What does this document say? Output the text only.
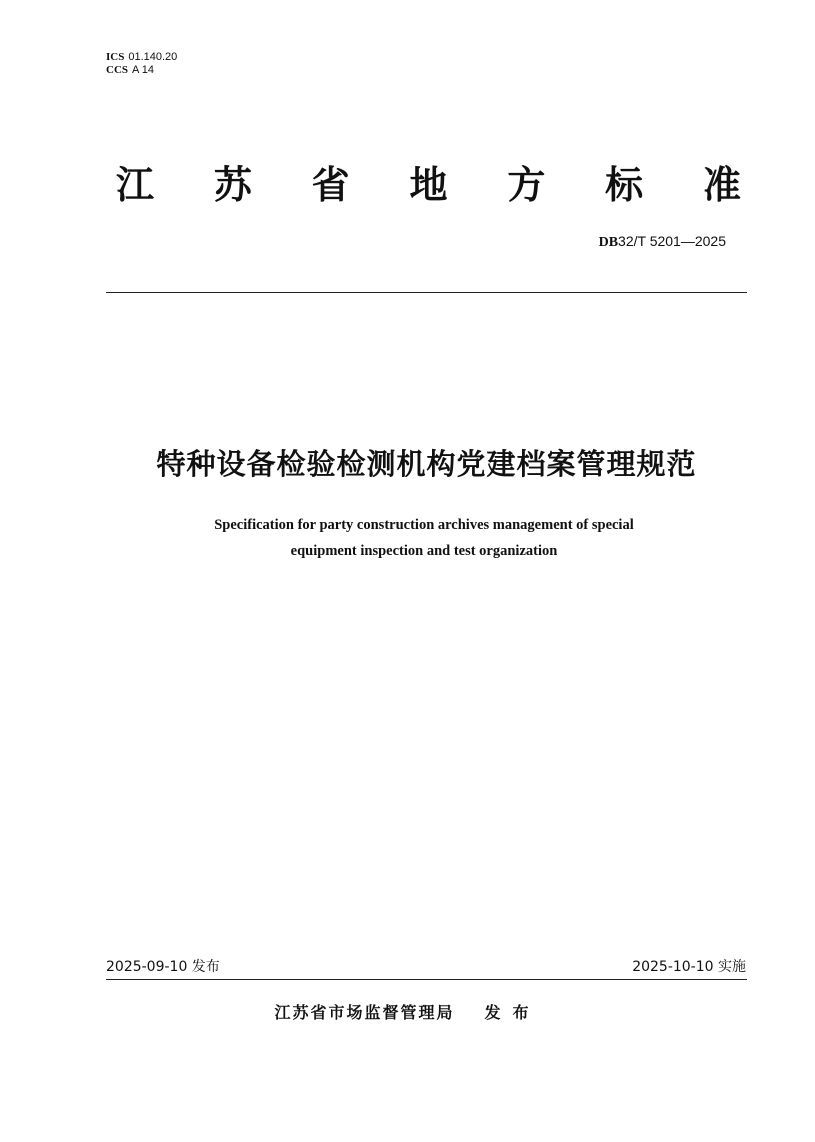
ICS 01.140.20
CCS A 14
江 苏 省 地 方 标 准
DB32/T 5201—2025
特种设备检验检测机构党建档案管理规范
Specification for party construction archives management of special
equipment inspection and test organization
2025-09-10 发布	2025-10-10 实施
江苏省市场监督管理局 发布
